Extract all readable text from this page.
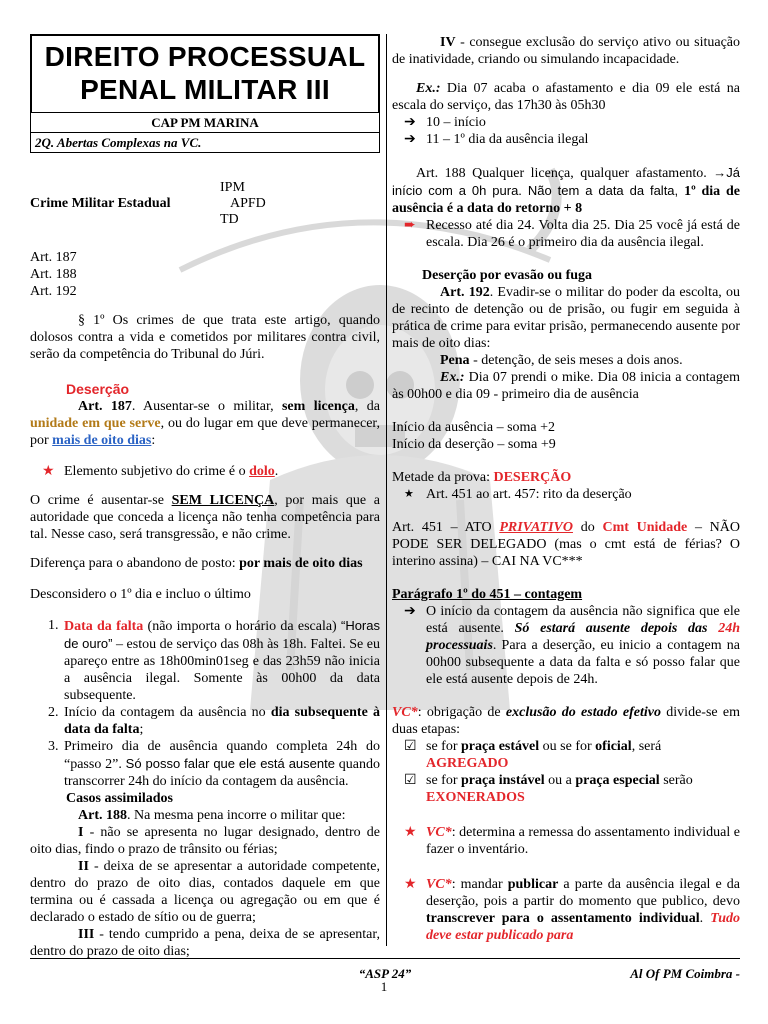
DIREITO PROCESSUAL
PENAL MILITAR III
CAP PM MARINA
2Q. Abertas Complexas na VC.
IPM
Crime Militar Estadual	APFD
TD

Art. 187

Art. 188

Art. 192

§ 1º Os crimes de que trata este artigo, quando dolosos contra a vida e cometidos por militares contra civil, serão da competência do Tribunal do Júri.

Deserção

Art. 187. Ausentar-se o militar, sem licença, da unidade em que serve, ou do lugar em que deve permanecer, por mais de oito dias:

★ Elemento subjetivo do crime é o dolo.

O crime é ausentar-se SEM LICENÇA, por mais que a autoridade que conceda a licença não tenha competência para tal. Nesse caso, será transgressão, e não crime.

Diferença para o abandono de posto: por mais de oito dias

Desconsidero o 1º dia e incluo o último

1. Data da falta (não importa o horário da escala) “Horas de ouro” – estou de serviço das 08h às 18h. Faltei. Se eu apareço entre as 18h00min01seg e das 23h59 não inicia a ausência ilegal. Somente às 00h00 da data subsequente.

2. Início da contagem da ausência no dia subsequente à data da falta;

3. Primeiro dia de ausência quando completa 24h do “passo 2”. Só posso falar que ele está ausente quando transcorrer 24h do início da contagem da ausência.

Casos assimilados

Art. 188. Na mesma pena incorre o militar que:

I - não se apresenta no lugar designado, dentro de oito dias, findo o prazo de trânsito ou férias;

II - deixa de se apresentar a autoridade competente, dentro do prazo de oito dias, contados daquele em que termina ou é cassada a licença ou agregação ou em que é declarado o estado de sítio ou de guerra;

III - tendo cumprido a pena, deixa de se apresentar, dentro do prazo de oito dias;

IV - consegue exclusão do serviço ativo ou situação de inatividade, criando ou simulando incapacidade.

Ex.: Dia 07 acaba o afastamento e dia 09 ele está na escala do serviço, das 17h30 às 05h30

➔ 10 – início

➔ 11 – 1º dia da ausência ilegal

Art. 188 Qualquer licença, qualquer afastamento. →Já início com a 0h pura. Não tem a data da falta, 1º dia de ausência é a data do retorno + 8

➨ Recesso até dia 24. Volta dia 25. Dia 25 você já está de escala. Dia 26 é o primeiro dia da ausência ilegal.

Deserção por evasão ou fuga

Art. 192. Evadir-se o militar do poder da escolta, ou de recinto de detenção ou de prisão, ou fugir em seguida à prática de crime para evitar prisão, permanecendo ausente por mais de oito dias:

Pena - detenção, de seis meses a dois anos.

Ex.: Dia 07 prendi o mike. Dia 08 inicia a contagem às 00h00 e dia 09 - primeiro dia de ausência

Início da ausência – soma +2

Início da deserção – soma +9

Metade da prova: DESERÇÃO

★ Art. 451 ao art. 457: rito da deserção

Art. 451 – ATO PRIVATIVO do Cmt Unidade – NÃO PODE SER DELEGADO (mas o cmt está de férias? O interino assina) – CAI NA VC***

Parágrafo 1º do 451 – contagem

➔ O início da contagem da ausência não significa que ele está ausente. Só estará ausente depois das 24h processuais. Para a deserção, eu inicio a contagem na 00h00 subsequente a data da falta e só posso falar que ele está ausente depois de 24h.

VC*: obrigação de exclusão do estado efetivo divide-se em duas etapas:

☑ se for praça estável ou se for oficial, será
AGREGADO

☑ se for praça instável ou a praça especial serão
EXONERADOS

★ VC*: determina a remessa do assentamento individual e fazer o inventário.

★ VC*: mandar publicar a parte da ausência ilegal e da deserção, pois a partir do momento que publico, devo transcrever para o assentamento individual. Tudo deve estar publicado para

“ASP 24”	Al Of PM Coimbra -
1
